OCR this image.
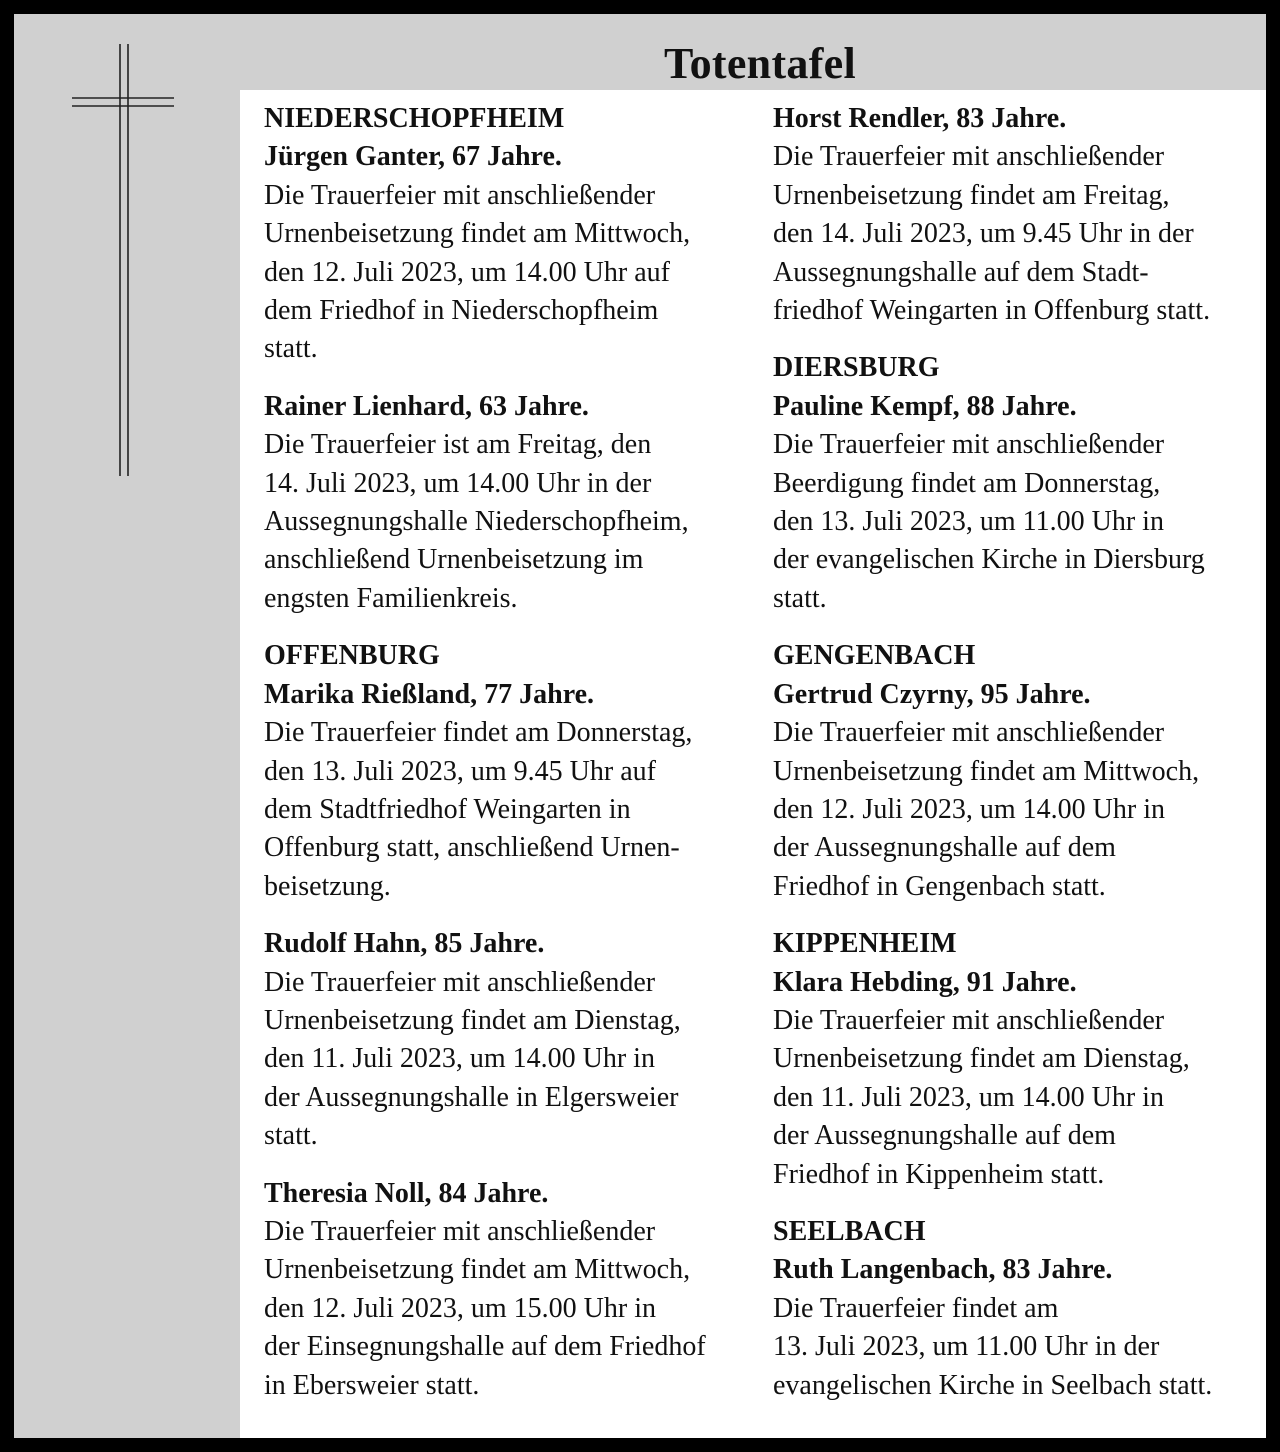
Totentafel

NIEDERSCHOPFHEIM

Jürgen Ganter, 67 Jahre.

Die Trauerfeier mit anschließender
Urnenbeisetzung findet am Mittwoch,
den 12. Juli 2023, um 14.00 Uhr auf
dem Friedhof in Niederschopfheim
statt.

Rainer Lienhard, 63 Jahre.

Die Trauerfeier ist am Freitag, den
14. Juli 2023, um 14.00 Uhr in der
Aussegnungshalle Niederschopfheim,
anschließend Urnenbeisetzung im
engsten Familienkreis.

OFFENBURG

Marika Rießland, 77 Jahre.

Die Trauerfeier findet am Donnerstag,
den 13. Juli 2023, um 9.45 Uhr auf
dem Stadtfriedhof Weingarten in
Offenburg statt, anschließend Urnen-
beisetzung.

Rudolf Hahn, 85 Jahre.

Die Trauerfeier mit anschließender
Urnenbeisetzung findet am Dienstag,
den 11. Juli 2023, um 14.00 Uhr in
der Aussegnungshalle in Elgersweier
statt.

Theresia Noll, 84 Jahre.

Die Trauerfeier mit anschließender
Urnenbeisetzung findet am Mittwoch,
den 12. Juli 2023, um 15.00 Uhr in
der Einsegnungshalle auf dem Friedhof
in Ebersweier statt.

Horst Rendler, 83 Jahre.

Die Trauerfeier mit anschließender
Urnenbeisetzung findet am Freitag,
den 14. Juli 2023, um 9.45 Uhr in der
Aussegnungshalle auf dem Stadt-
friedhof Weingarten in Offenburg statt.

DIERSBURG

Pauline Kempf, 88 Jahre.

Die Trauerfeier mit anschließender
Beerdigung findet am Donnerstag,
den 13. Juli 2023, um 11.00 Uhr in
der evangelischen Kirche in Diersburg
statt.

GENGENBACH

Gertrud Czyrny, 95 Jahre.

Die Trauerfeier mit anschließender
Urnenbeisetzung findet am Mittwoch,
den 12. Juli 2023, um 14.00 Uhr in
der Aussegnungshalle auf dem
Friedhof in Gengenbach statt.

KIPPENHEIM

Klara Hebding, 91 Jahre.

Die Trauerfeier mit anschließender
Urnenbeisetzung findet am Dienstag,
den 11. Juli 2023, um 14.00 Uhr in
der Aussegnungshalle auf dem
Friedhof in Kippenheim statt.

SEELBACH

Ruth Langenbach, 83 Jahre.

Die Trauerfeier findet am
13. Juli 2023, um 11.00 Uhr in der
evangelischen Kirche in Seelbach statt.
